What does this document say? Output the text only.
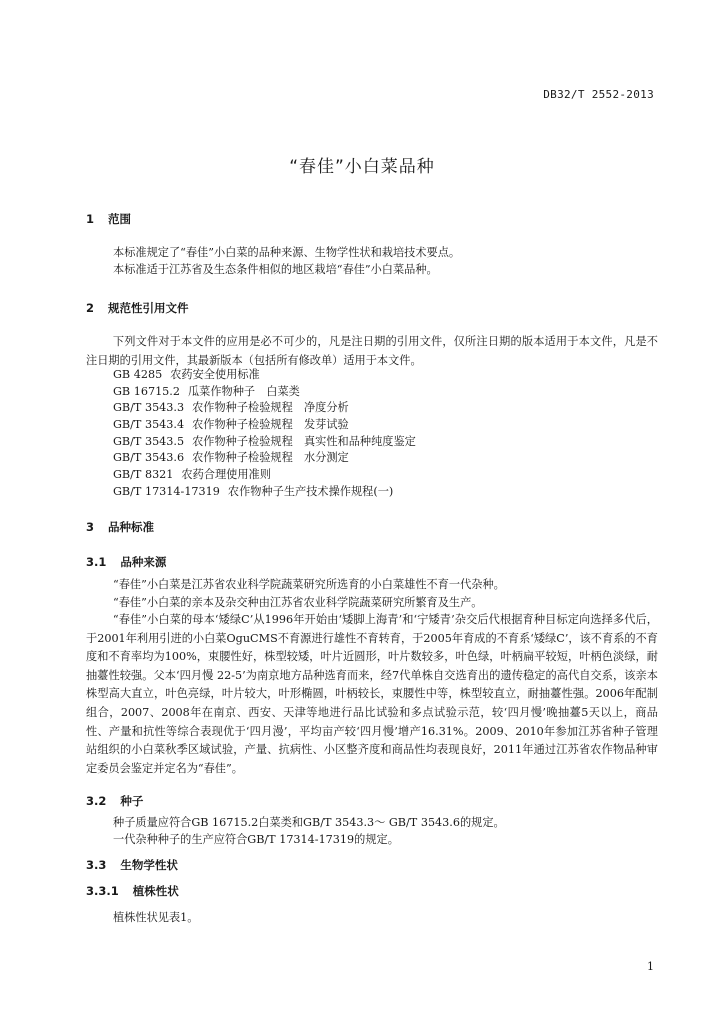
DB32/T 2552-2013
“春佳”小白菜品种
1 范围
本标准规定了“春佳”小白菜的品种来源、生物学性状和栽培技术要点。
本标准适于江苏省及生态条件相似的地区栽培“春佳”小白菜品种。
2 规范性引用文件
下列文件对于本文件的应用是必不可少的，凡是注日期的引用文件，仅所注日期的版本适用于本文件，凡是不注日期的引用文件，其最新版本（包括所有修改单）适用于本文件。
GB 4285 农药安全使用标准
GB 16715.2 瓜菜作物种子　白菜类
GB/T 3543.3 农作物种子检验规程　净度分析
GB/T 3543.4 农作物种子检验规程　发芽试验
GB/T 3543.5 农作物种子检验规程　真实性和品种纯度鉴定
GB/T 3543.6 农作物种子检验规程　水分测定
GB/T 8321 农药合理使用准则
GB/T 17314-17319 农作物种子生产技术操作规程(一)
3 品种标准
3.1 品种来源
“春佳”小白菜是江苏省农业科学院蔬菜研究所选育的小白菜雄性不育一代杂种。
“春佳”小白菜的亲本及杂交种由江苏省农业科学院蔬菜研究所繁育及生产。
“春佳”小白菜的母本‘矮绿C’从1996年开始由‘矮脚上海青’和‘宁矮青’杂交后代根据育种目标定向选择多代后，于2001年利用引进的小白菜OguCMS不育源进行雄性不育转育，于2005年育成的不育系‘矮绿C’，该不育系的不育度和不育率均为100%，束腰性好，株型较矮，叶片近圆形，叶片数较多，叶色绿，叶柄扁平较短，叶柄色淡绿，耐抽薹性较强。父本‘四月慢 22-5’为南京地方品种选育而来，经7代单株自交选育出的遗传稳定的高代自交系，该亲本株型高大直立，叶色亮绿，叶片较大，叶形椭圆，叶柄较长，束腰性中等，株型较直立，耐抽薹性强。2006年配制组合，2007、2008年在南京、西安、天津等地进行品比试验和多点试验示范，较‘四月慢’晚抽薹5天以上，商品性、产量和抗性等综合表现优于‘四月漫’，平均亩产较‘四月慢’增产16.31%。2009、2010年参加江苏省种子管理站组织的小白菜秋季区域试验，产量、抗病性、小区整齐度和商品性均表现良好，2011年通过江苏省农作物品种审定委员会鉴定并定名为“春佳”。
3.2 种子
种子质量应符合GB 16715.2白菜类和GB/T 3543.3～ GB/T 3543.6的规定。
一代杂种种子的生产应符合GB/T 17314-17319的规定。
3.3 生物学性状
3.3.1 植株性状
植株性状见表1。
1
